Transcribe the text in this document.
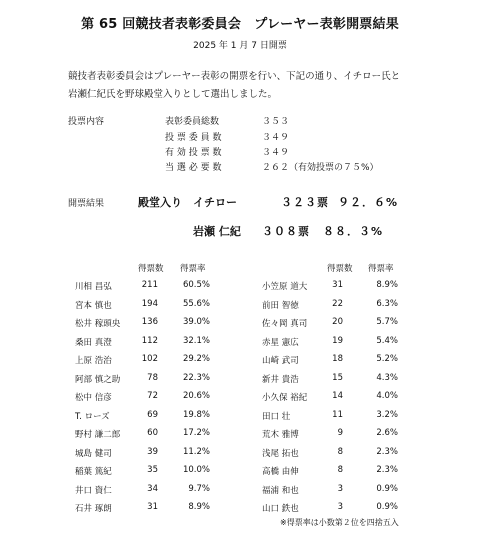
第 65 回競技者表彰委員会　プレーヤー表彰開票結果
2025 年 1 月 7 日開票
競技者表彰委員会はプレーヤー表彰の開票を行い、下記の通り、イチロー氏と
岩瀬仁紀氏を野球殿堂入りとして選出しました。
投票内容	表彰委員総数	３５３
投 票 委 員 数	３４９
有 効 投 票 数	３４９
当 選 必 要 数	２６２（有効投票の７５%）
開票結果	殿堂入り イチロー	３２３票 ９２．６%
岩瀬 仁紀 ３０８票 ８８．３%
得票数 得票率	得票数 得票率
川相 昌弘	211	60.5%
宮本 慎也	194	55.6%
松井 稼頭央	136	39.0%
桑田 真澄	112	32.1%
上原 浩治	102	29.2%
阿部 慎之助	78	22.3%
松中 信彦	72	20.6%
T. ローズ	69	19.8%
野村 謙二郎	60	17.2%
城島 健司	39	11.2%
稲葉 篤紀	35	10.0%
井口 資仁	34	9.7%
石井 琢朗	31	8.9%
小笠原 道大	31	8.9%
前田 智徳	22	6.3%
佐々岡 真司	20	5.7%
赤星 憲広	19	5.4%
山崎 武司	18	5.2%
新井 貴浩	15	4.3%
小久保 裕紀	14	4.0%
田口 壮	11	3.2%
荒木 雅博	9	2.6%
浅尾 拓也	8	2.3%
高橋 由伸	8	2.3%
福浦 和也	3	0.9%
山口 鉄也	3	0.9%
※得票率は小数第２位を四捨五入
